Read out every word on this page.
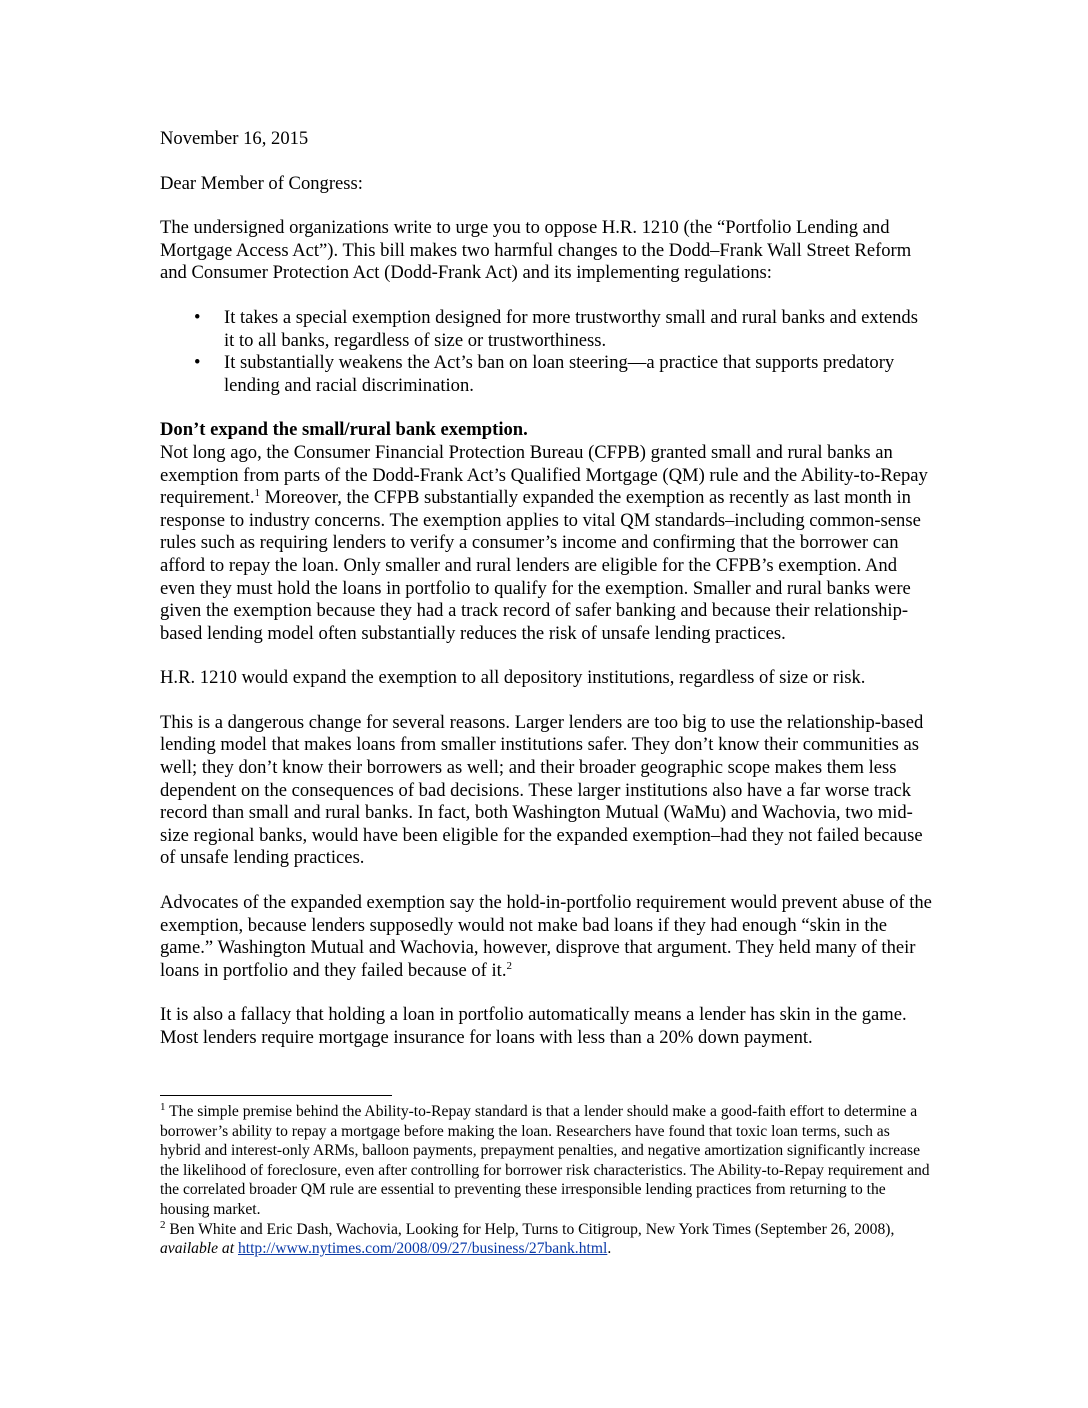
November 16, 2015

Dear Member of Congress:

The undersigned organizations write to urge you to oppose H.R. 1210 (the “Portfolio Lending and Mortgage Access Act”). This bill makes two harmful changes to the Dodd–Frank Wall Street Reform and Consumer Protection Act (Dodd-Frank Act) and its implementing regulations:

• It takes a special exemption designed for more trustworthy small and rural banks and extends it to all banks, regardless of size or trustworthiness.
• It substantially weakens the Act’s ban on loan steering—a practice that supports predatory lending and racial discrimination.

Don’t expand the small/rural bank exemption.

Not long ago, the Consumer Financial Protection Bureau (CFPB) granted small and rural banks an exemption from parts of the Dodd-Frank Act’s Qualified Mortgage (QM) rule and the Ability-to-Repay requirement.$^1$ Moreover, the CFPB substantially expanded the exemption as recently as last month in response to industry concerns. The exemption applies to vital QM standards–including common-sense rules such as requiring lenders to verify a consumer’s income and confirming that the borrower can afford to repay the loan. Only smaller and rural lenders are eligible for the CFPB’s exemption. And even they must hold the loans in portfolio to qualify for the exemption. Smaller and rural banks were given the exemption because they had a track record of safer banking and because their relationship-based lending model often substantially reduces the risk of unsafe lending practices.

H.R. 1210 would expand the exemption to all depository institutions, regardless of size or risk.

This is a dangerous change for several reasons. Larger lenders are too big to use the relationship-based lending model that makes loans from smaller institutions safer. They don’t know their communities as well; they don’t know their borrowers as well; and their broader geographic scope makes them less dependent on the consequences of bad decisions. These larger institutions also have a far worse track record than small and rural banks. In fact, both Washington Mutual (WaMu) and Wachovia, two mid-size regional banks, would have been eligible for the expanded exemption–had they not failed because of unsafe lending practices.

Advocates of the expanded exemption say the hold-in-portfolio requirement would prevent abuse of the exemption, because lenders supposedly would not make bad loans if they had enough “skin in the game.” Washington Mutual and Wachovia, however, disprove that argument. They held many of their loans in portfolio and they failed because of it.$^2$

It is also a fallacy that holding a loan in portfolio automatically means a lender has skin in the game. Most lenders require mortgage insurance for loans with less than a 20% down payment.

$^1$ The simple premise behind the Ability-to-Repay standard is that a lender should make a good-faith effort to determine a borrower’s ability to repay a mortgage before making the loan. Researchers have found that toxic loan terms, such as hybrid and interest-only ARMs, balloon payments, prepayment penalties, and negative amortization significantly increase the likelihood of foreclosure, even after controlling for borrower risk characteristics. The Ability-to-Repay requirement and the correlated broader QM rule are essential to preventing these irresponsible lending practices from returning to the housing market.

$^2$ Ben White and Eric Dash, Wachovia, Looking for Help, Turns to Citigroup, New York Times (September 26, 2008), available at http://www.nytimes.com/2008/09/27/business/27bank.html.
